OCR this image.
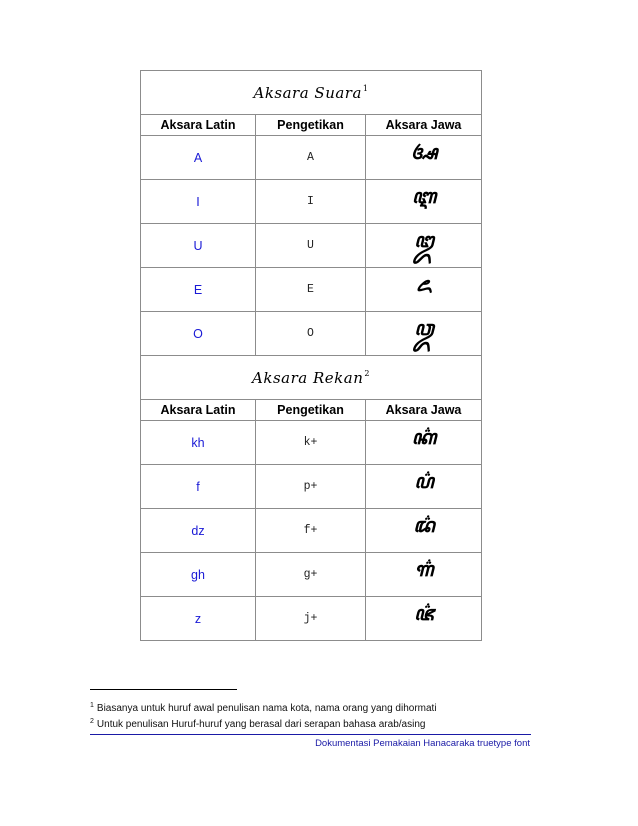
Aksara Suara$^1$
Aksara Latin	Pengetikan	Aksara Jawa
A	A	ꦄ
I	I	ꦆ
U	U	ꦈ
E	E	ꦌ
O	O	ꦎ
Aksara Rekan$^2$
Aksara Latin	Pengetikan	Aksara Jawa
kh	k+	ꦏ꦳
f	p+	ꦥ꦳
dz	f+	ꦢ꦳
gh	g+	ꦒ꦳
z	j+	ꦗ꦳
$^1$ Biasanya untuk huruf awal penulisan nama kota, nama orang yang dihormati
$^2$ Untuk penulisan Huruf-huruf yang berasal dari serapan bahasa arab/asing
Dokumentasi Pemakaian Hanacaraka truetype font
